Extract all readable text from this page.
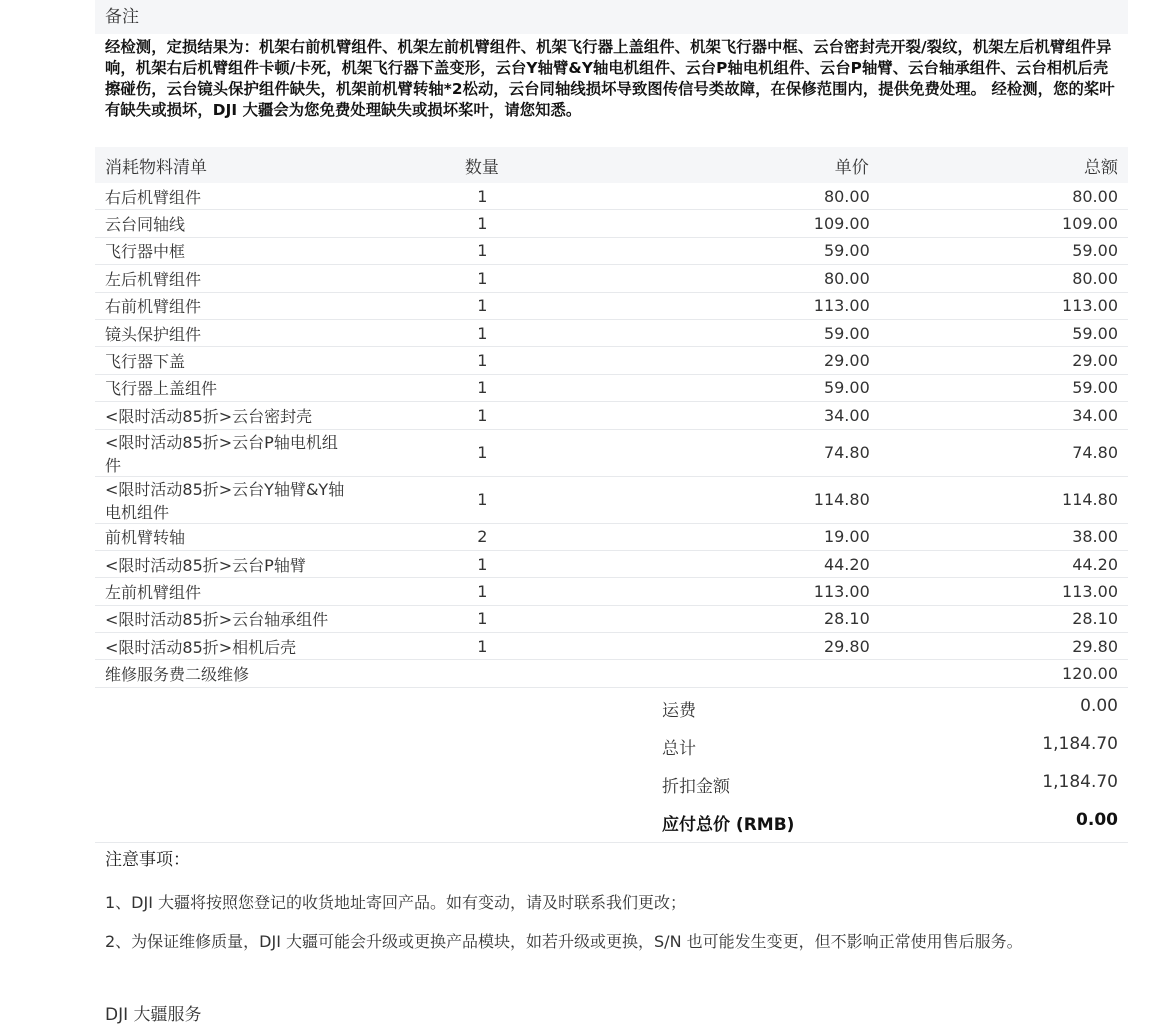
备注
经检测，定损结果为：机架右前机臂组件、机架左前机臂组件、机架飞行器上盖组件、机架飞行器中框、云台密封壳开裂/裂纹，机架左后机臂组件异响，机架右后机臂组件卡顿/卡死，机架飞行器下盖变形，云台Y轴臂&Y轴电机组件、云台P轴电机组件、云台P轴臂、云台轴承组件、云台相机后壳擦碰伤，云台镜头保护组件缺失，机架前机臂转轴*2松动，云台同轴线损坏导致图传信号类故障，在保修范围内，提供免费处理。 经检测，您的桨叶有缺失或损坏，DJI 大疆会为您免费处理缺失或损坏桨叶，请您知悉。
消耗物料清单	数量	单价	总额
右后机臂组件	1	80.00	80.00
云台同轴线	1	109.00	109.00
飞行器中框	1	59.00	59.00
左后机臂组件	1	80.00	80.00
右前机臂组件	1	113.00	113.00
镜头保护组件	1	59.00	59.00
飞行器下盖	1	29.00	29.00
飞行器上盖组件	1	59.00	59.00
<限时活动85折>云台密封壳	1	34.00	34.00
<限时活动85折>云台P轴电机组件	1	74.80	74.80
<限时活动85折>云台Y轴臂&Y轴电机组件	1	114.80	114.80
前机臂转轴	2	19.00	38.00
<限时活动85折>云台P轴臂	1	44.20	44.20
左前机臂组件	1	113.00	113.00
<限时活动85折>云台轴承组件	1	28.10	28.10
<限时活动85折>相机后壳	1	29.80	29.80
维修服务费二级维修			120.00
运费	0.00
总计	1,184.70
折扣金额	1,184.70
应付总价 (RMB)	0.00
注意事项：
1、DJI 大疆将按照您登记的收货地址寄回产品。如有变动，请及时联系我们更改；
2、为保证维修质量，DJI 大疆可能会升级或更换产品模块，如若升级或更换，S/N 也可能发生变更，但不影响正常使用售后服务。
DJI 大疆服务
